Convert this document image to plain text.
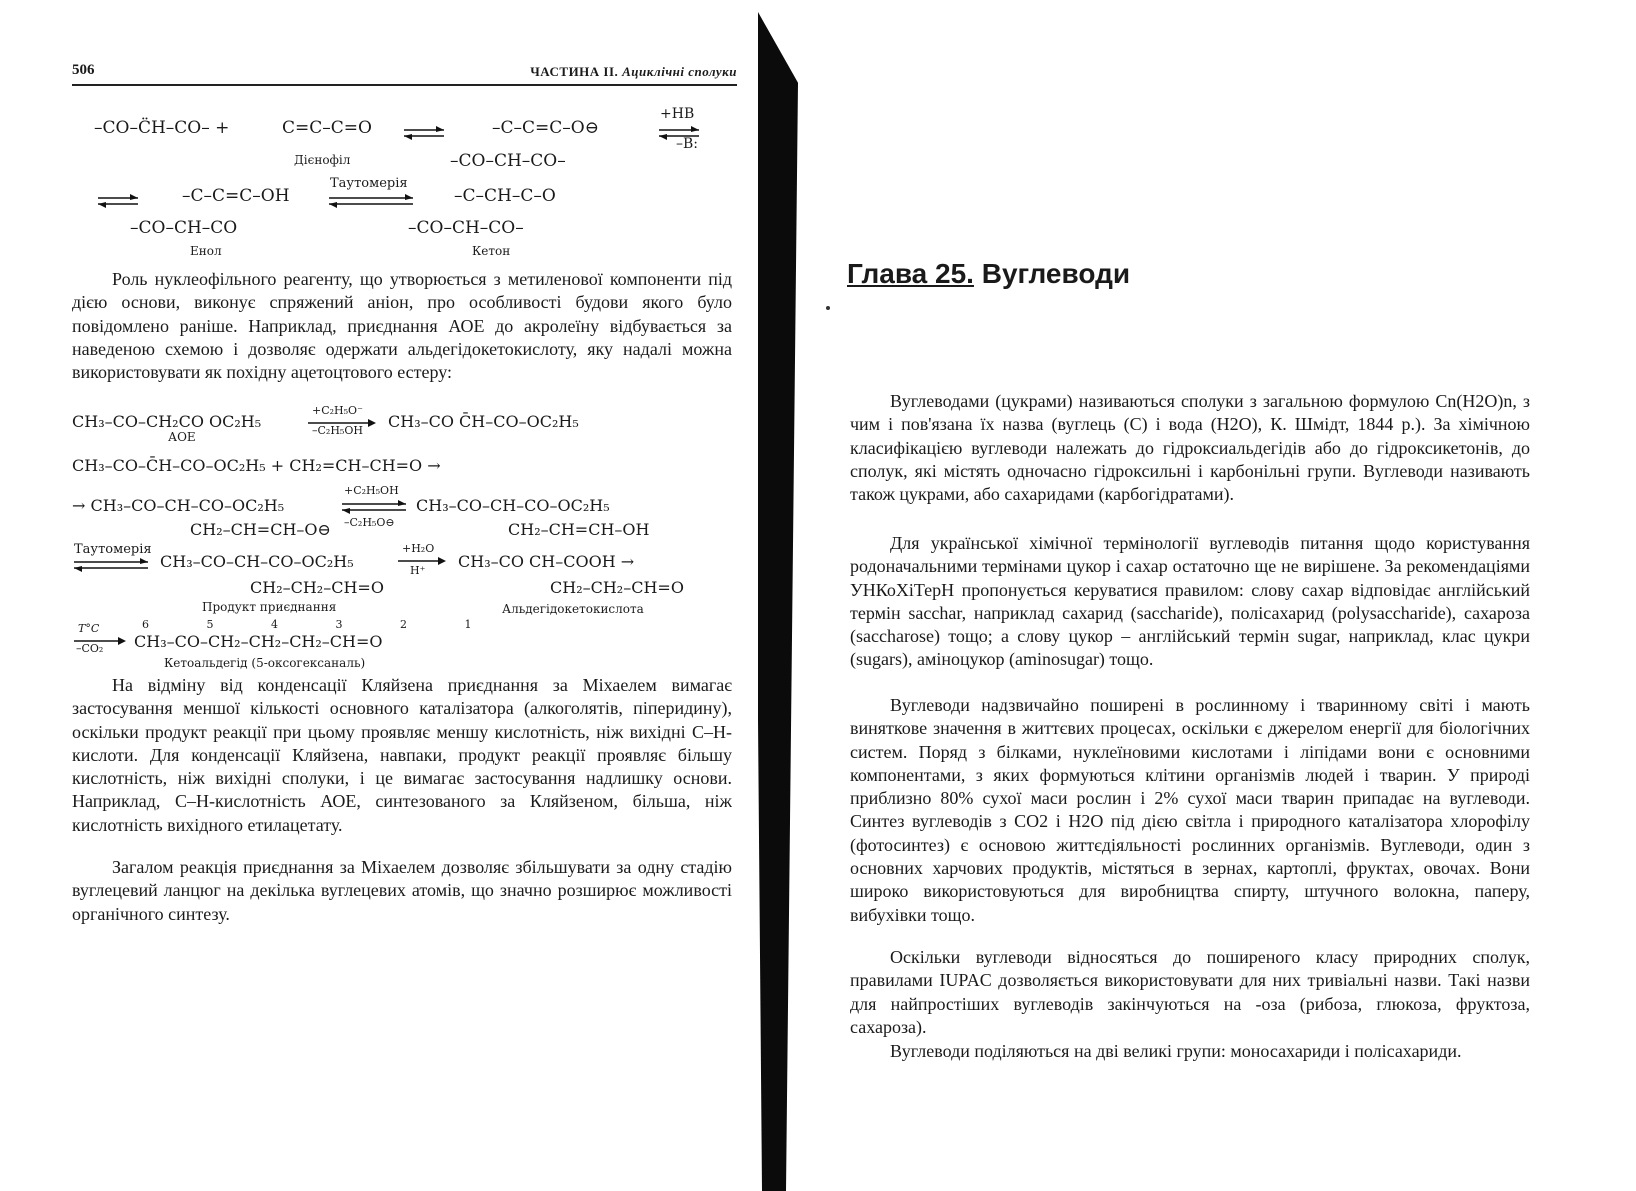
506	ЧАСТИНА II. Ациклічні сполуки
–CO–C̈H–CO– +	C=C–C=O
Дієнофіл
–C–C=C–O⊖
–CO–CH–CO–
+HB
–B:
–C–C=C–OH
–CO–CH–CO
Енол
Таутомерія
–C–CH–C–O
–CO–CH–CO–
Кетон

Роль нуклеофільного реагенту, що утворюється з метиленової компоненти під дією основи, виконує спряжений аніон, про особливості будови якого було повідомлено раніше. Наприклад, приєднання АОЕ до акролеїну відбувається за наведеною схемою і дозволяє одержати альдегідокетокислоту, яку надалі можна використовувати як похідну ацетоцтового естеру:

CH₃–CO–CH₂CO OC₂H₅
АОЕ
+C₂H₅O⁻
–C₂H₅OH CH₃–CO C̄H–CO–OC₂H₅
CH₃–CO–C̄H–CO–OC₂H₅ + CH₂=CH–CH=O →
→ CH₃–CO–CH–CO–OC₂H₅
CH₂–CH=CH–O⊖
+C₂H₅OH
–C₂H₅O⊖
CH₃–CO–CH–CO–OC₂H₅
CH₂–CH=CH–OH
Таутомерія
CH₃–CO–CH–CO–OC₂H₅
CH₂–CH₂–CH=O
Продукт приєднання
+H₂O
H⁺ CH₃–CO CH–COOH →
CH₂–CH₂–CH=O
Альдегідокетокислота
T°C
–CO₂
6 5 4 3 2 1
CH₃–CO–CH₂–CH₂–CH₂–CH=O
Кетоальдегід (5-оксогексаналь)

На відміну від конденсації Кляйзена приєднання за Міхаелем вимагає застосування меншої кількості основного каталізатора (алкоголятів, піперидину), оскільки продукт реакції при цьому проявляє меншу кислотність, ніж вихідні С–Н-кислоти. Для конденсації Кляйзена, навпаки, продукт реакції проявляє більшу кислотність, ніж вихідні сполуки, і це вимагає застосування надлишку основи. Наприклад, С–Н-кислотність АОЕ, синтезованого за Кляйзеном, більша, ніж кислотність вихідного етилацетату.

Загалом реакція приєднання за Міхаелем дозволяє збільшувати за одну стадію вуглецевий ланцюг на декілька вуглецевих атомів, що значно розширює можливості органічного синтезу.

Глава 25. Вуглеводи

Вуглеводами (цукрами) називаються сполуки з загальною формулою Cn(H2O)n, з чим і пов'язана їх назва (вуглець (С) і вода (H2O), К. Шмідт, 1844 р.). За хімічною класифікацією вуглеводи належать до гідроксиальдегідів або до гідроксикетонів, до сполук, які містять одночасно гідроксильні і карбонільні групи. Вуглеводи називають також цукрами, або сахаридами (карбогідратами).

Для української хімічної термінології вуглеводів питання щодо користування родоначальними термінами цукор і сахар остаточно ще не вирішене. За рекомендаціями УНКоХіТерН пропонується керуватися правилом: слову сахар відповідає англійський термін sacchar, наприклад сахарид (saccharide), полісахарид (polysaccharide), сахароза (saccharose) тощо; а слову цукор – англійський термін sugar, наприклад, клас цукри (sugars), аміноцукор (aminosugar) тощо.

Вуглеводи надзвичайно поширені в рослинному і тваринному світі і мають виняткове значення в життєвих процесах, оскільки є джерелом енергії для біологічних систем. Поряд з білками, нуклеїновими кислотами і ліпідами вони є основними компонентами, з яких формуються клітини організмів людей і тварин. У природі приблизно 80% сухої маси рослин і 2% сухої маси тварин припадає на вуглеводи. Синтез вуглеводів з CO2 і H2O під дією світла і природного каталізатора хлорофілу (фотосинтез) є основою життєдіяльності рослинних організмів. Вуглеводи, один з основних харчових продуктів, містяться в зернах, картоплі, фруктах, овочах. Вони широко використовуються для виробництва спирту, штучного волокна, паперу, вибухівки тощо.

Оскільки вуглеводи відносяться до поширеного класу природних сполук, правилами IUPAC дозволяється використовувати для них тривіальні назви. Такі назви для найпростіших вуглеводів закінчуються на -оза (рибоза, глюкоза, фруктоза, сахароза).

Вуглеводи поділяються на дві великі групи: моносахариди і полісахариди.
